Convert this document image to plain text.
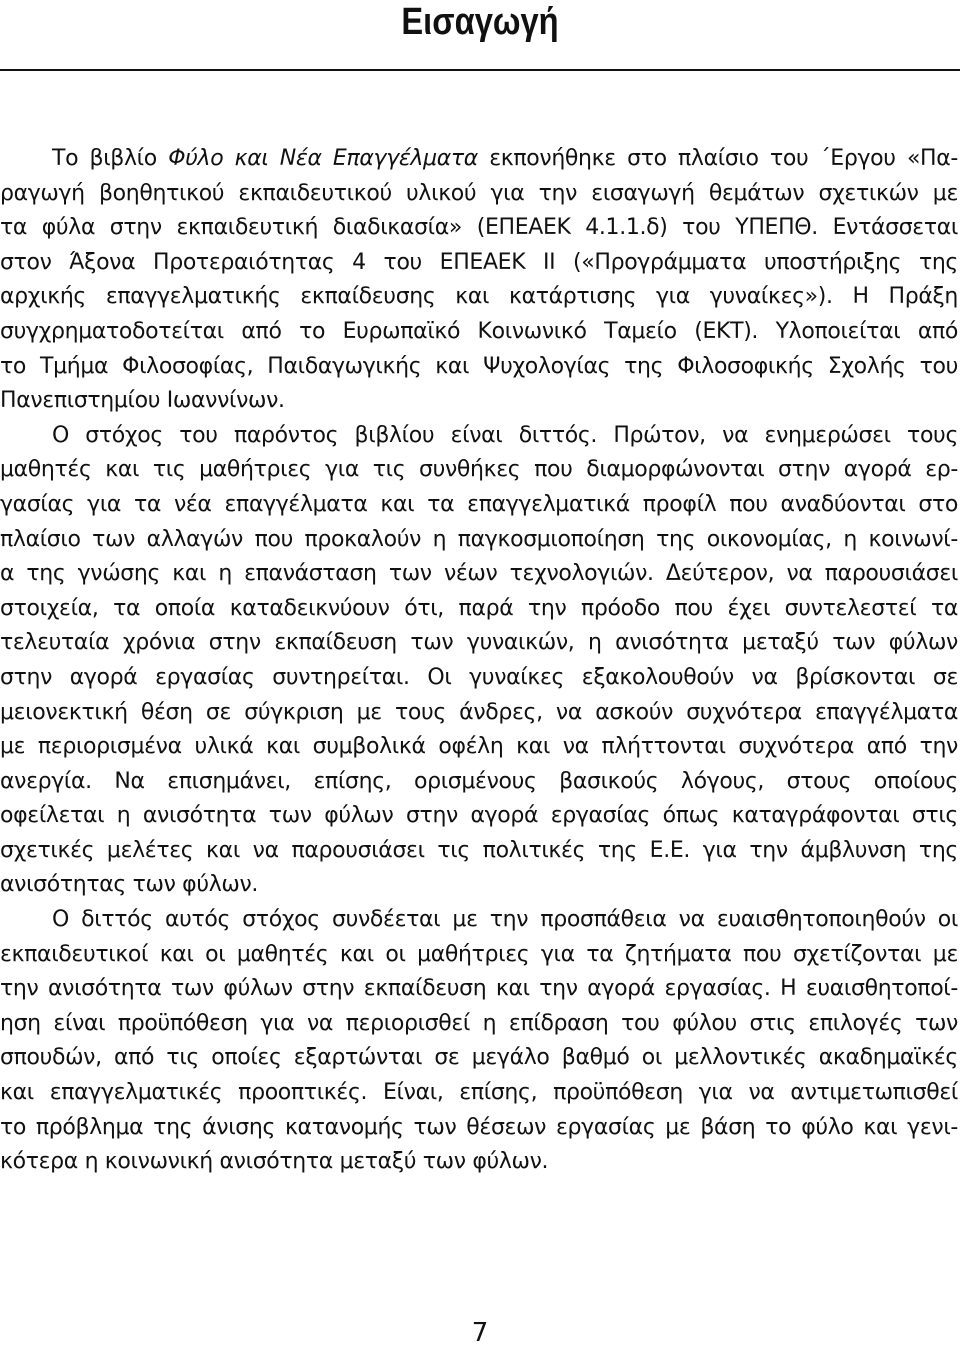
Εισαγωγή
Το βιβλίο Φύλο και Νέα Επαγγέλματα εκπονήθηκε στο πλαίσιο του ΄Εργου «Πα-
ραγωγή βοηθητικού εκπαιδευτικού υλικού για την εισαγωγή θεμάτων σχετικών με
τα φύλα στην εκπαιδευτική διαδικασία» (ΕΠΕΑΕΚ 4.1.1.δ) του ΥΠΕΠΘ. Εντάσσεται
στον Άξονα Προτεραιότητας 4 του ΕΠΕΑΕΚ ΙΙ («Προγράμματα υποστήριξης της
αρχικής επαγγελματικής εκπαίδευσης και κατάρτισης για γυναίκες»). Η Πράξη
συγχρηματοδοτείται από το Ευρωπαϊκό Κοινωνικό Ταμείο (ΕΚΤ). Υλοποιείται από
το Τμήμα Φιλοσοφίας, Παιδαγωγικής και Ψυχολογίας της Φιλοσοφικής Σχολής του
Πανεπιστημίου Ιωαννίνων.
Ο στόχος του παρόντος βιβλίου είναι διττός. Πρώτον, να ενημερώσει τους
μαθητές και τις μαθήτριες για τις συνθήκες που διαμορφώνονται στην αγορά ερ-
γασίας για τα νέα επαγγέλματα και τα επαγγελματικά προφίλ που αναδύονται στο
πλαίσιο των αλλαγών που προκαλούν η παγκοσμιοποίηση της οικονομίας, η κοινωνί-
α της γνώσης και η επανάσταση των νέων τεχνολογιών. Δεύτερον, να παρουσιάσει
στοιχεία, τα οποία καταδεικνύουν ότι, παρά την πρόοδο που έχει συντελεστεί τα
τελευταία χρόνια στην εκπαίδευση των γυναικών, η ανισότητα μεταξύ των φύλων
στην αγορά εργασίας συντηρείται. Οι γυναίκες εξακολουθούν να βρίσκονται σε
μειονεκτική θέση σε σύγκριση με τους άνδρες, να ασκούν συχνότερα επαγγέλματα
με περιορισμένα υλικά και συμβολικά οφέλη και να πλήττονται συχνότερα από την
ανεργία. Να επισημάνει, επίσης, ορισμένους βασικούς λόγους, στους οποίους
οφείλεται η ανισότητα των φύλων στην αγορά εργασίας όπως καταγράφονται στις
σχετικές μελέτες και να παρουσιάσει τις πολιτικές της Ε.Ε. για την άμβλυνση της
ανισότητας των φύλων.
Ο διττός αυτός στόχος συνδέεται με την προσπάθεια να ευαισθητοποιηθούν οι
εκπαιδευτικοί και οι μαθητές και οι μαθήτριες για τα ζητήματα που σχετίζονται με
την ανισότητα των φύλων στην εκπαίδευση και την αγορά εργασίας. Η ευαισθητοποί-
ηση είναι προϋπόθεση για να περιορισθεί η επίδραση του φύλου στις επιλογές των
σπουδών, από τις οποίες εξαρτώνται σε μεγάλο βαθμό οι μελλοντικές ακαδημαϊκές
και επαγγελματικές προοπτικές. Είναι, επίσης, προϋπόθεση για να αντιμετωπισθεί
το πρόβλημα της άνισης κατανομής των θέσεων εργασίας με βάση το φύλο και γενι-
κότερα η κοινωνική ανισότητα μεταξύ των φύλων.
7
